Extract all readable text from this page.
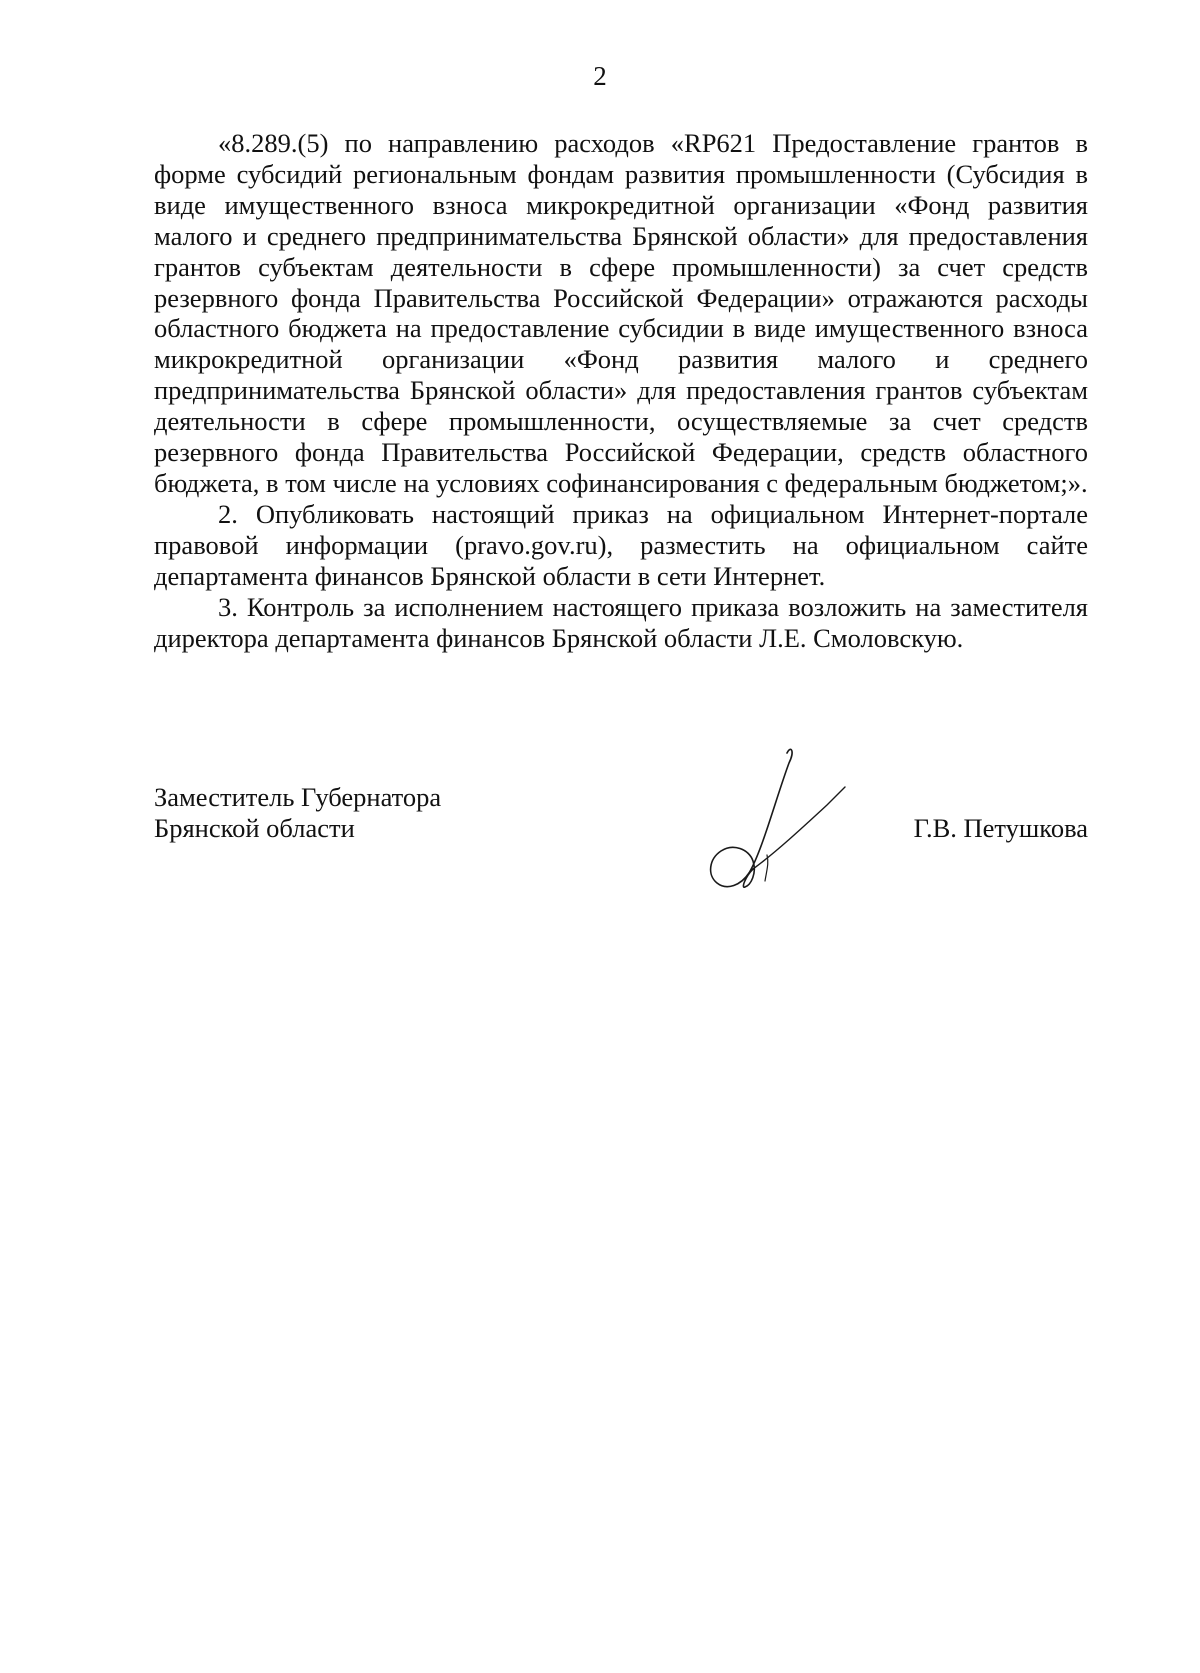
2

«8.289.(5) по направлению расходов «RP621 Предоставление грантов в форме субсидий региональным фондам развития промышленности (Субсидия в виде имущественного взноса микрокредитной организации «Фонд развития малого и среднего предпринимательства Брянской области» для предоставления грантов субъектам деятельности в сфере промышленности) за счет средств резервного фонда Правительства Российской Федерации» отражаются расходы областного бюджета на предоставление субсидии в виде имущественного взноса микрокредитной организации «Фонд развития малого и среднего предпринимательства Брянской области» для предоставления грантов субъектам деятельности в сфере промышленности, осуществляемые за счет средств резервного фонда Правительства Российской Федерации, средств областного бюджета, в том числе на условиях софинансирования с федеральным бюджетом;».

2. Опубликовать настоящий приказ на официальном Интернет-портале правовой информации (pravo.gov.ru), разместить на официальном сайте департамента финансов Брянской области в сети Интернет.

3. Контроль за исполнением настоящего приказа возложить на заместителя директора департамента финансов Брянской области Л.Е. Смоловскую.

Заместитель Губернатора
Брянской области	Г.В. Петушкова
